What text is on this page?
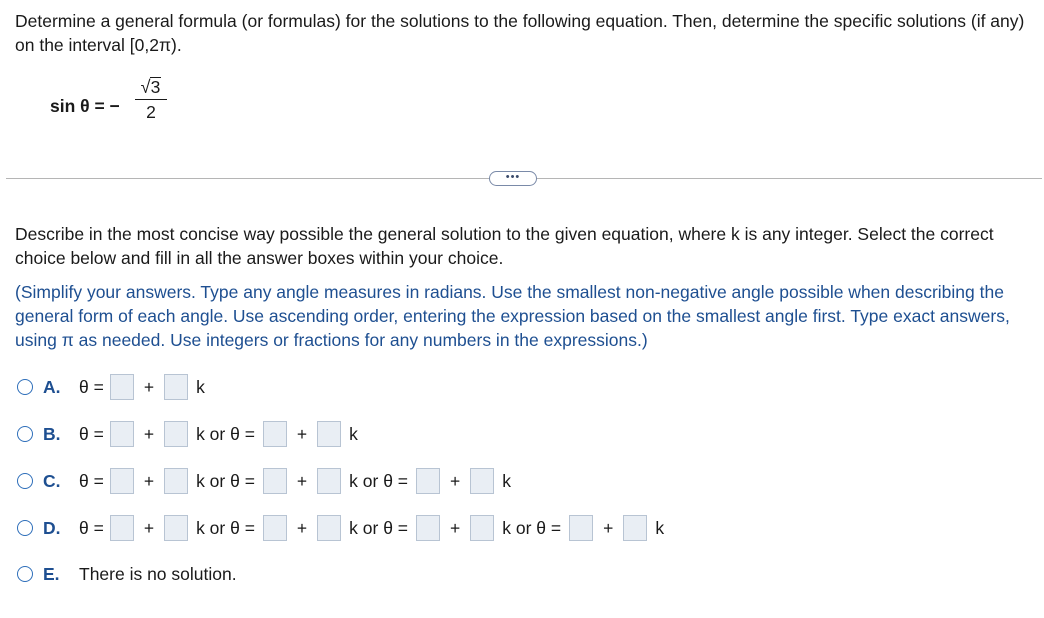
Determine a general formula (or formulas) for the solutions to the following equation. Then, determine the specific solutions (if any) on the interval [0,2π).
sin θ = −
√ 3
2
•••
Describe in the most concise way possible the general solution to the given equation, where k is any integer. Select the correct choice below and fill in all the answer boxes within your choice.
(Simplify your answers. Type any angle measures in radians. Use the smallest non-negative angle possible when describing the general form of each angle. Use ascending order, entering the expression based on the smallest angle first. Type exact answers, using π as needed. Use integers or fractions for any numbers in the expressions.)
A.	θ = + k
B.	θ = + k or θ = + k
C.	θ = + k or θ = + k or θ = + k
D.	θ = + k or θ = + k or θ = + k or θ = + k
E.	There is no solution.
